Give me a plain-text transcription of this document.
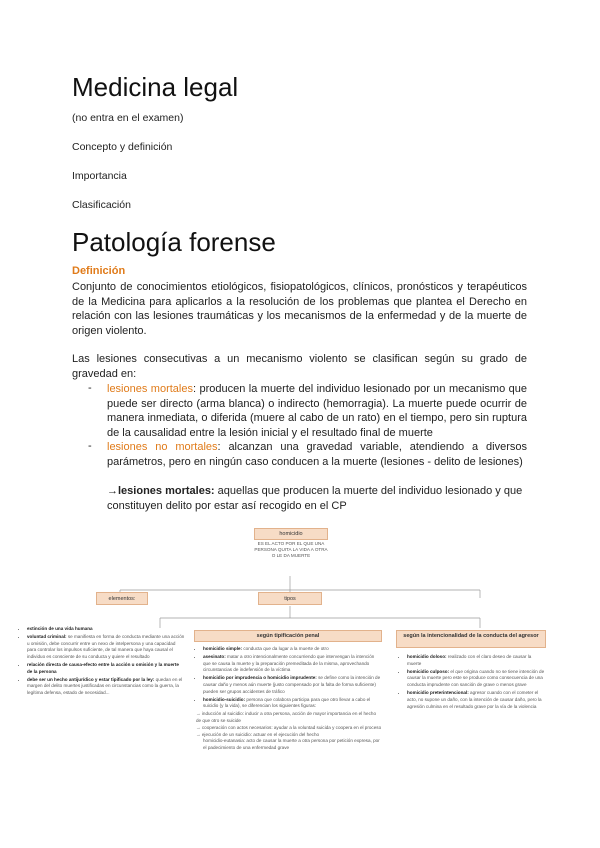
Medicina legal
(no entra en el examen)
Concepto y definición
Importancia
Clasificación
Patología forense
Definición
Conjunto de conocimientos etiológicos, fisiopatológicos, clínicos, pronósticos y terapéuticos de la Medicina para aplicarlos a la resolución de los problemas que plantea el Derecho en relación con las lesiones traumáticas y los mecanismos de la enfermedad y de la muerte de origen violento.
Las lesiones consecutivas a un mecanismo violento se clasifican según su grado de gravedad en:
- lesiones mortales: producen la muerte del individuo lesionado por un mecanismo que puede ser directo (arma blanca) o indirecto (hemorragia). La muerte puede ocurrir de manera inmediata, o diferida (muere al cabo de un rato) en el tiempo, pero sin ruptura de la causalidad entre la lesión inicial y el resultado final de muerte
- lesiones no mortales: alcanzan una gravedad variable, atendiendo a diversos parámetros, pero en ningún caso conducen a la muerte (lesiones - delito de lesiones)
→lesiones mortales: aquellas que producen la muerte del individuo lesionado y que constituyen delito por estar así recogido en el CP
homicidio
ES EL ACTO POR EL QUE UNA PERSONA QUITA LA VIDA A OTRA O LE DA MUERTE
elementos:	tipos
según tipificación penal	según la intencionalidad de la conducta del agresor
• extinción de una vida humana
• voluntad criminal: se manifiesta en forma de conducta mediante una acción u omisión, debe concurrir entre un nexo de intelpersona y una capacidad para controlar los impulsos suficiente, de tal manera que haya causal el individuo es consciente de su conducta y quiere el resultado
• relación directa de causa-efecto entre la acción u omisión y la muerte de la persona
• debe ser un hecho antijurídico y estar tipificado por la ley: quedan en el margen del delito muertes justificadas en circunstancias como la guerra, la legítima defensa, estado de necesidad...
• homicidio simple: conducta que da lugar a la muerte de otro
• asesinato: matar a otro intencionalmente concurriendo que intervengan la intención que se causa la muerte y la preparación premeditada de la misma, aprovechando circunstancias de indefensión de la víctima
• homicidio por imprudencia o homicidio imprudente: se define como la intención de causar daño y menos aún muerte (justo compensado por la falta de forma suficiente) pueden ser grupos accidentes de tráfico
• homicidio-suicidio: persona que colabora participa para que otro llevar a cabo el suicidio (y la vida), se diferencian los siguientes figuras:
→ inducción al suicidio: inducir a otra persona, acción de mayor importancia en el hecho de que otro se suicide
→ cooperación con actos necesarios: ayudar a la voluntad suicida y coopera en el proceso
→ ejecución de un suicidio: actuar en el ejecución del hecho
homicidio-eutanasia: acto de causar la muerte a otra persona por petición expresa, por el padecimiento de una enfermedad grave
• homicidio doloso: realizado con el claro deseo de causar la muerte
• homicidio culposo: el que origina cuando no se tiene intención de causar la muerte pero este se produce como consecuencia de una conducta imprudente con sanción de grave o menos grave
• homicidio preterintencional: agresor cuando con el cometer el acto, no supone un daño, con la intención de causar daño, pero la agresión culmina en el resultado grave por la vía de la violencia
